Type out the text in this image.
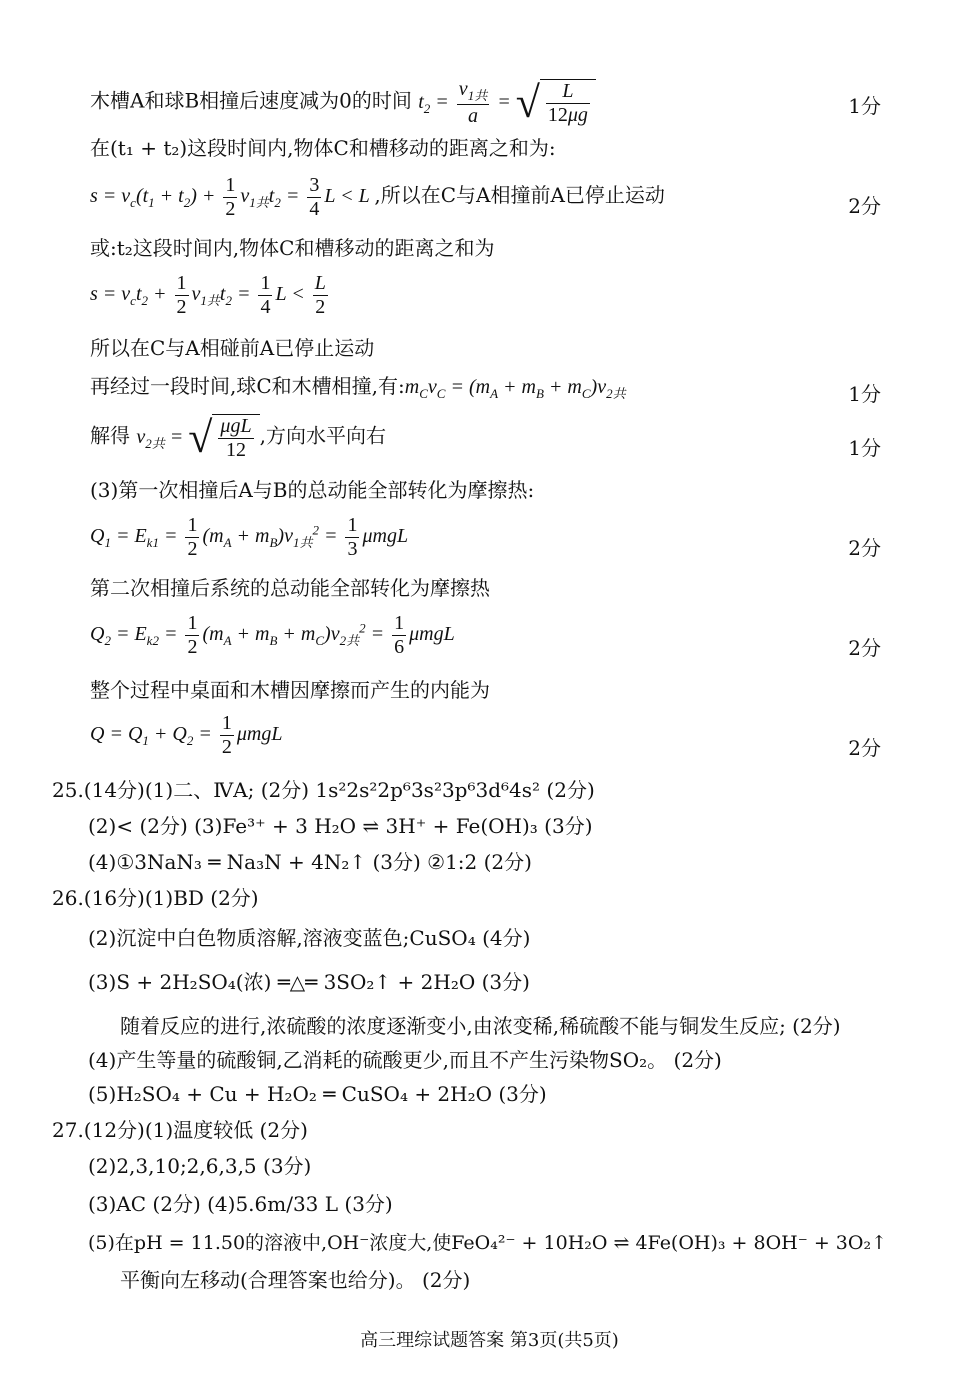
木槽A和球B相撞后速度减为0的时间 $t_2 = \frac{v_{1共}}{a}$ = √ $\frac{L}{12\mu g}$	1分
在(t₁ + t₂)这段时间内,物体C和槽移动的距离之和为:
$s = v_c(t_1 + t_2) + \frac{1}{2} v_{1共}t_2 = \frac{3}{4}$ L < L ,所以在C与A相撞前A已停止运动	2分
或:t₂这段时间内,物体C和槽移动的距离之和为
$s = v_ct_2 + \frac{1}{2} v_{1共}t_2 = \frac{1}{4}$ $L < \frac{L}{2}$
所以在C与A相碰前A已停止运动
再经过一段时间,球C和木槽相撞,有$:m_Cv_C = (m_A + m_B + m_C)v_{2共}$	1分
解得 $v_{2共}$ = √ $\frac{\text{μgL}}{12}$ ,方向水平向右
1分
(3)第一次相撞后A与B的总动能全部转化为摩擦热:
$Q_1 = E_{k1} = \frac{1}{2} (m_A + m_B)v_{1共}^2 = \frac{1}{3}$ μmgL	2分
第二次相撞后系统的总动能全部转化为摩擦热
$Q_2 = E_{k2} = \frac{1}{2} (m_A + m_B + m_C)v_{2共}^2 = \frac{1}{6}$ μmgL
2分
整个过程中桌面和木槽因摩擦而产生的内能为
$Q = Q_1 + Q_2 = \frac{1}{2}$ μmgL
2分
25.(14分)(1)二、ⅣA; (2分) 1s²2s²2p⁶3s²3p⁶3d⁶4s² (2分)
(2)< (2分) (3)Fe³⁺ + 3 H₂O ⇌ 3H⁺ + Fe(OH)₃ (3分)
(4)①3NaN₃ ═ Na₃N + 4N₂↑ (3分) ②1:2 (2分)
26.(16分)(1)BD (2分)
(2)沉淀中白色物质溶解,溶液变蓝色;CuSO₄ (4分)
(3)S + 2H₂SO₄(浓) ═△═ 3SO₂↑ + 2H₂O (3分)
随着反应的进行,浓硫酸的浓度逐渐变小,由浓变稀,稀硫酸不能与铜发生反应; (2分)
(4)产生等量的硫酸铜,乙消耗的硫酸更少,而且不产生污染物SO₂。 (2分)
(5)H₂SO₄ + Cu + H₂O₂ ═ CuSO₄ + 2H₂O (3分)
27.(12分)(1)温度较低 (2分)
(2)2,3,10;2,6,3,5 (3分)
(3)AC (2分) (4)5.6m/33 L (3分)
(5)在pH = 11.50的溶液中,OH⁻浓度大,使FeO₄²⁻ + 10H₂O ⇌ 4Fe(OH)₃ + 8OH⁻ + 3O₂↑
平衡向左移动(合理答案也给分)。 (2分)
高三理综试题答案 第3页(共5页)
